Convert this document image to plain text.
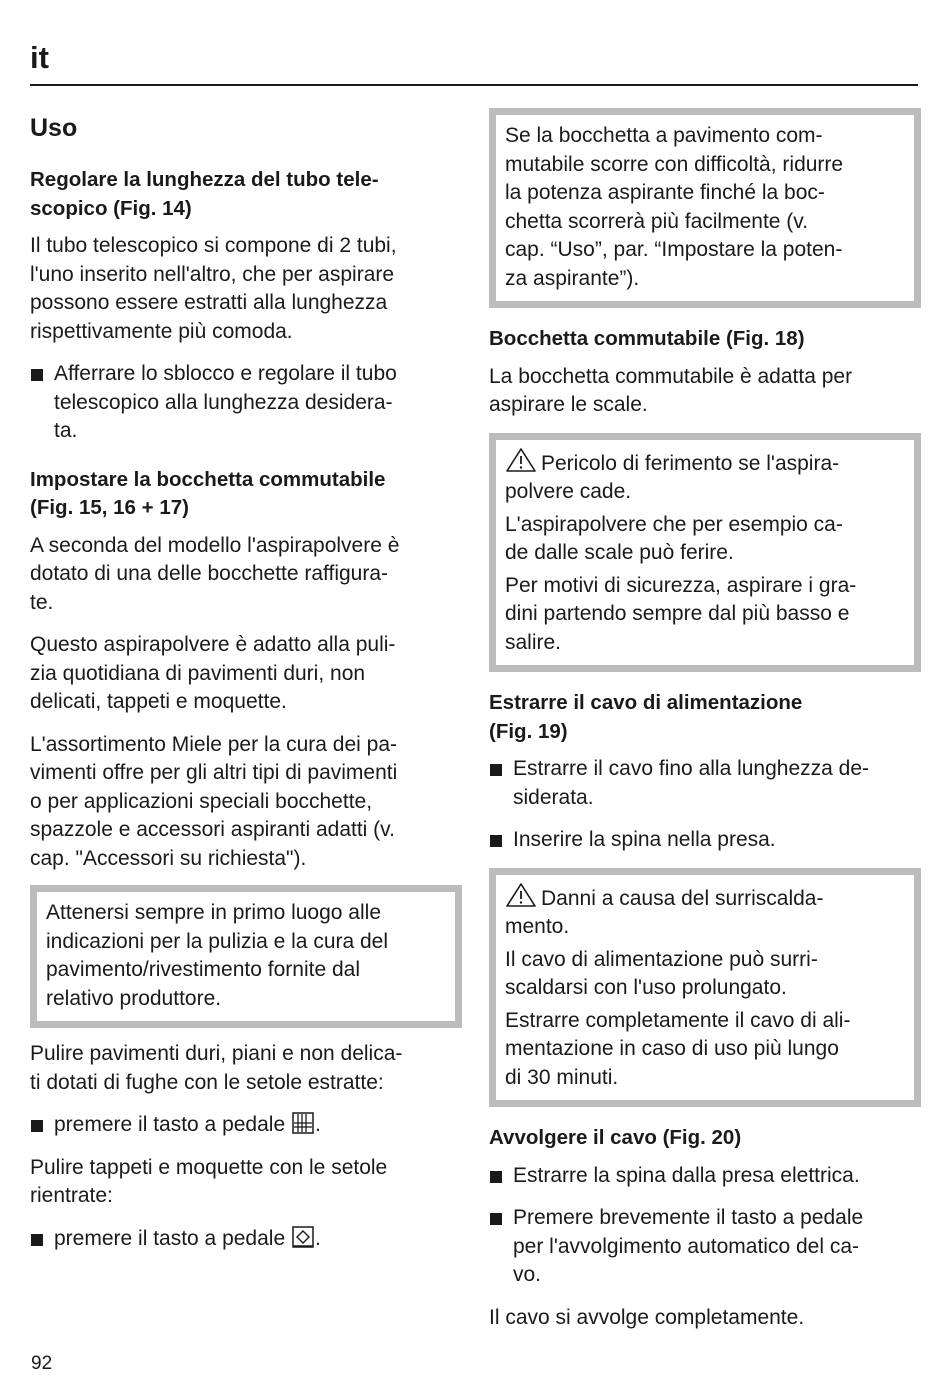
it
Uso
Regolare la lunghezza del tubo tele-
scopico (Fig. 14)

Il tubo telescopico si compone di 2 tubi,

l'uno inserito nell'altro, che per aspirare

possono essere estratti alla lunghezza

rispettivamente più comoda.

Afferrare lo sblocco e regolare il tubo
telescopico alla lunghezza desidera-
ta.
Impostare la bocchetta commutabile
(Fig. 15, 16 + 17)

A seconda del modello l'aspirapolvere è

dotato di una delle bocchette raffigura-

te.

Questo aspirapolvere è adatto alla puli-

zia quotidiana di pavimenti duri, non

delicati, tappeti e moquette.

L'assortimento Miele per la cura dei pa-

vimenti offre per gli altri tipi di pavimenti

o per applicazioni speciali bocchette,

spazzole e accessori aspiranti adatti (v.

cap. "Accessori su richiesta").

Attenersi sempre in primo luogo alle

indicazioni per la pulizia e la cura del

pavimento/rivestimento fornite dal

relativo produttore.

Pulire pavimenti duri, piani e non delica-

ti dotati di fughe con le setole estratte:

premere il tasto a pedale .

Pulire tappeti e moquette con le setole

rientrate:

premere il tasto a pedale .

Se la bocchetta a pavimento com-

mutabile scorre con difficoltà, ridurre

la potenza aspirante finché la boc-

chetta scorrerà più facilmente (v.

cap. “Uso”, par. “Impostare la poten-

za aspirante”).

Bocchetta commutabile (Fig. 18)

La bocchetta commutabile è adatta per

aspirare le scale.

Pericolo di ferimento se l'aspira-

polvere cade.

L'aspirapolvere che per esempio ca-

de dalle scale può ferire.

Per motivi di sicurezza, aspirare i gra-

dini partendo sempre dal più basso e

salire.

Estrarre il cavo di alimentazione
(Fig. 19)
Estrarre il cavo fino alla lunghezza de-
siderata.
Inserire la spina nella presa.

Danni a causa del surriscalda-

mento.

Il cavo di alimentazione può surri-

scaldarsi con l'uso prolungato.

Estrarre completamente il cavo di ali-

mentazione in caso di uso più lungo

di 30 minuti.

Avvolgere il cavo (Fig. 20)
Estrarre la spina dalla presa elettrica.
Premere brevemente il tasto a pedale
per l'avvolgimento automatico del ca-
vo.

Il cavo si avvolge completamente.

92
